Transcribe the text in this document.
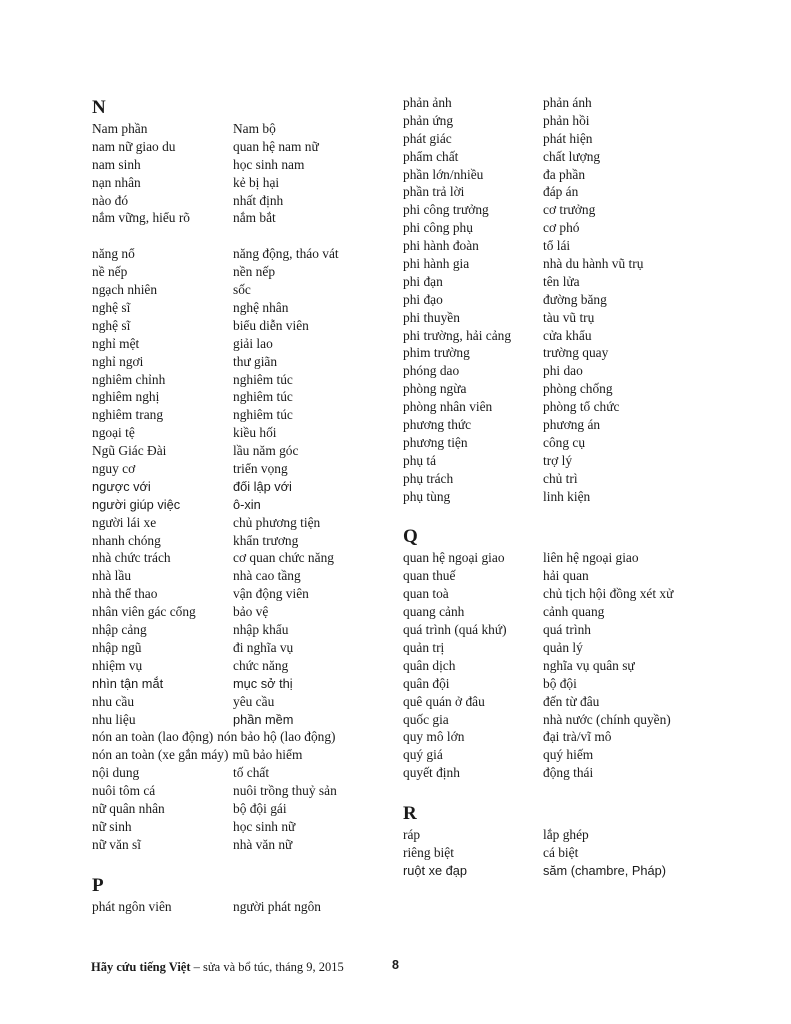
N
Nam phần	Nam bộ
nam nữ giao du	quan hệ nam nữ
nam sinh	học sinh nam
nạn nhân	kẻ bị hại
nào đó	nhất định
nắm vững, hiểu rõ	nắm bắt
năng nổ	năng động, tháo vát
nề nếp	nền nếp
ngạch nhiên	sốc
nghệ sĩ	nghệ nhân
nghệ sĩ	biểu diễn viên
nghỉ mệt	giải lao
nghỉ ngơi	thư giãn
nghiêm chỉnh	nghiêm túc
nghiêm nghị	nghiêm túc
nghiêm trang	nghiêm túc
ngoại tệ	kiều hối
Ngũ Giác Đài	lầu năm góc
nguy cơ	triển vọng
ngược với	đối lập với
người giúp việc	ô-xin
người lái xe	chủ phương tiện
nhanh chóng	khẩn trương
nhà chức trách	cơ quan chức năng
nhà lầu	nhà cao tầng
nhà thể thao	vận động viên
nhân viên gác cổng	bảo vệ
nhập cảng	nhập khẩu
nhập ngũ	đi nghĩa vụ
nhiệm vụ	chức năng
nhìn tận mắt	mục sở thị
nhu cầu	yêu cầu
nhu liệu	phần mềm
nón an toàn (lao động) nón bảo hộ (lao động)
nón an toàn (xe gắn máy) mũ bảo hiểm
nội dung	tố chất
nuôi tôm cá	nuôi trồng thuỷ sản
nữ quân nhân	bộ đội gái
nữ sinh	học sinh nữ
nữ văn sĩ	nhà văn nữ
P
phát ngôn viên	người phát ngôn
phản ảnh	phản ánh
phản ứng	phản hồi
phát giác	phát hiện
phẩm chất	chất lượng
phần lớn/nhiều	đa phần
phần trả lời	đáp án
phi công trưởng	cơ trưởng
phi công phụ	cơ phó
phi hành đoàn	tổ lái
phi hành gia	nhà du hành vũ trụ
phi đạn	tên lửa
phi đạo	đường băng
phi thuyền	tàu vũ trụ
phi trường, hải cảng	cửa khẩu
phim trường	trường quay
phóng dao	phi dao
phòng ngừa	phòng chống
phòng nhân viên	phòng tổ chức
phương thức	phương án
phương tiện	công cụ
phụ tá	trợ lý
phụ trách	chủ trì
phụ tùng	linh kiện
Q
quan hệ ngoại giao	liên hệ ngoại giao
quan thuế	hải quan
quan toà	chủ tịch hội đồng xét xử
quang cảnh	cảnh quang
quá trình (quá khứ)	quá trình
quản trị	quản lý
quân dịch	nghĩa vụ quân sự
quân đội	bộ đội
quê quán ở đâu	đến từ đâu
quốc gia	nhà nước (chính quyền)
quy mô lớn	đại trà/vĩ mô
quý giá	quý hiếm
quyết định	động thái
R
ráp	lắp ghép
riêng biệt	cá biệt
ruột xe đạp	săm (chambre, Pháp)
Hãy cứu tiếng Việt – sửa và bổ túc, tháng 9, 2015	8
